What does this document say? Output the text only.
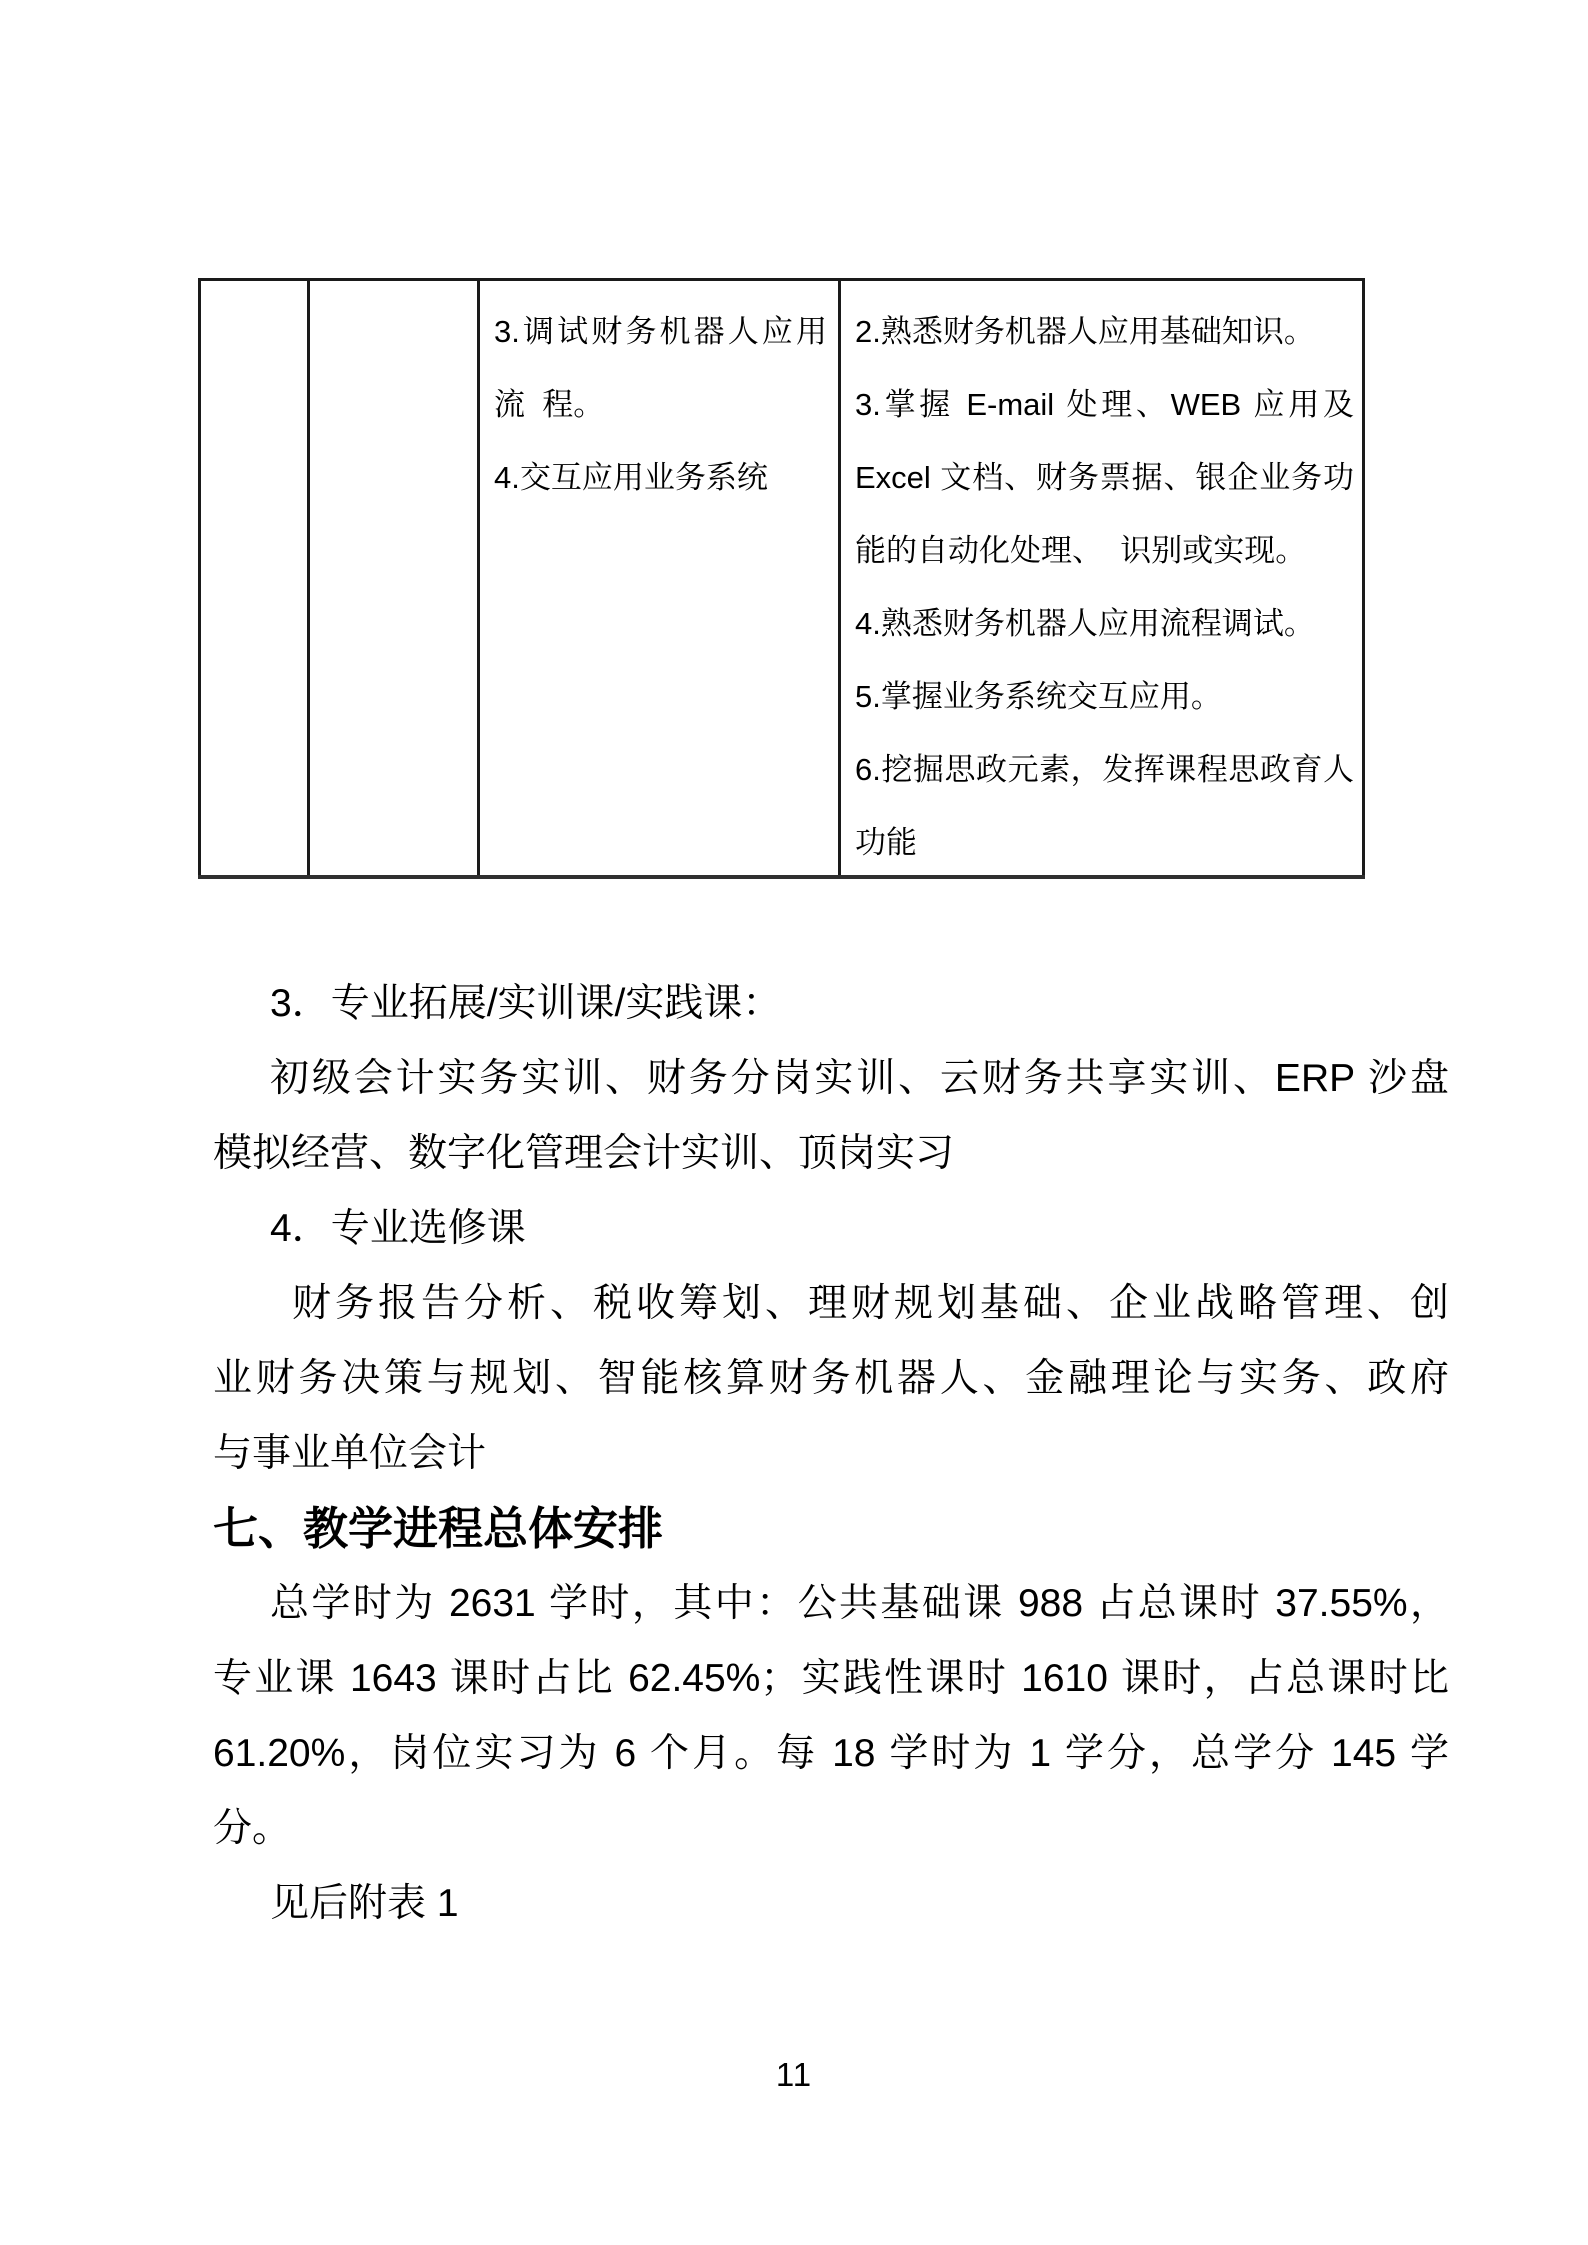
3.调试财务机器人应用
流  程。
4.交互应用业务系统
2.熟悉财务机器人应用基础知识。
3.掌握 E-mail 处理、WEB 应用及
Excel 文档、财务票据、银企业务功
能的自动化处理、  识别或实现。
4.熟悉财务机器人应用流程调试。
5.掌握业务系统交互应用。
6.挖掘思政元素，发挥课程思政育人
功能
3．专业拓展/实训课/实践课：
初级会计实务实训、财务分岗实训、云财务共享实训、ERP 沙盘
模拟经营、数字化管理会计实训、顶岗实习
4．专业选修课
财务报告分析、税收筹划、理财规划基础、企业战略管理、创
业财务决策与规划、智能核算财务机器人、金融理论与实务、政府
与事业单位会计
七、教学进程总体安排
总学时为 2631 学时，其中：公共基础课 988 占总课时 37.55%，
专业课 1643 课时占比 62.45%；实践性课时 1610 课时，占总课时比
61.20%，岗位实习为 6 个月。每 18 学时为 1 学分，总学分 145 学
分。
见后附表 1
11
